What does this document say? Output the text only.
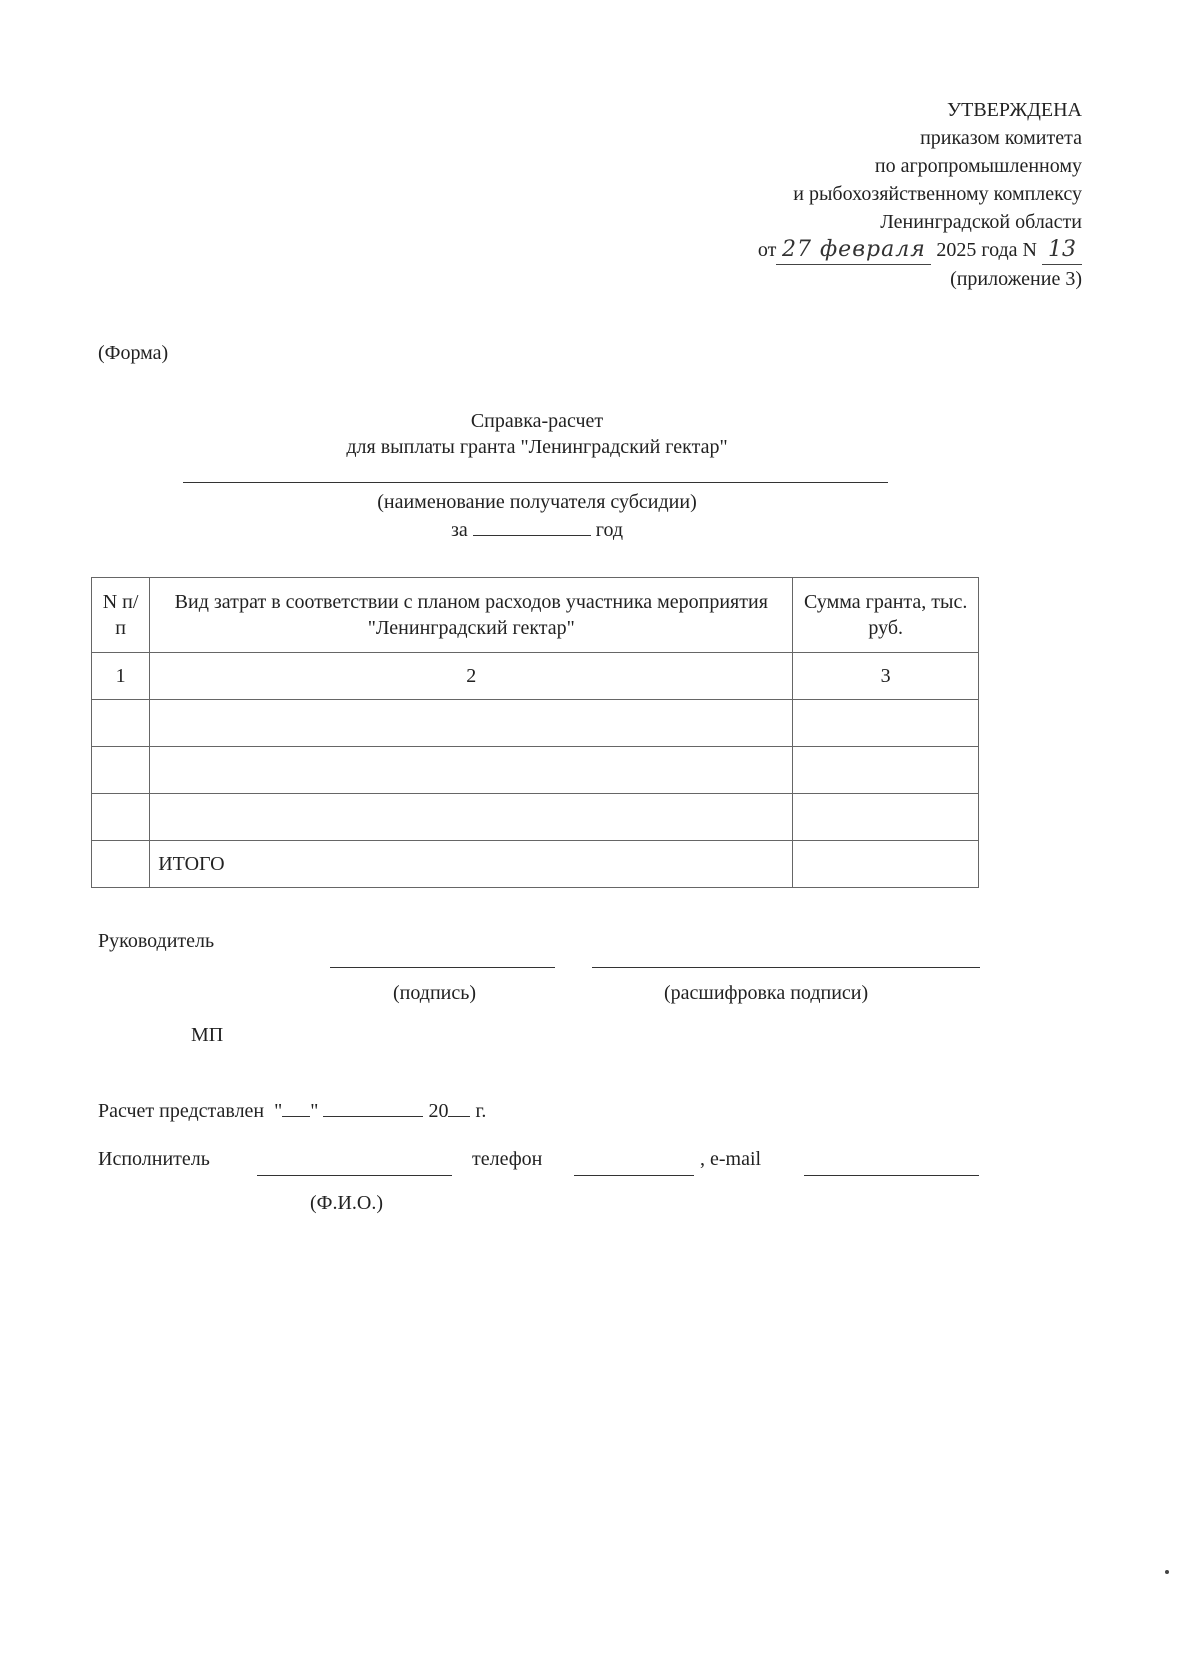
УТВЕРЖДЕНА
приказом комитета
по агропромышленному
и рыбохозяйственному комплексу
Ленинградской области
от 27 февраля 2025 года N 13
(приложение 3)
(Форма)
Справка-расчет
для выплаты гранта "Ленинградский гектар"
(наименование получателя субсидии)
за	год
N п/п	Вид затрат в соответствии с планом расходов участника мероприятия "Ленинградский гектар"	Сумма гранта, тыс. руб.
1	2	3

	ИТОГО	
Руководитель
(подпись)	(расшифровка подписи)
МП
Расчет представлен " "	20 г.
Исполнитель	телефон	, e-mail
(Ф.И.О.)
